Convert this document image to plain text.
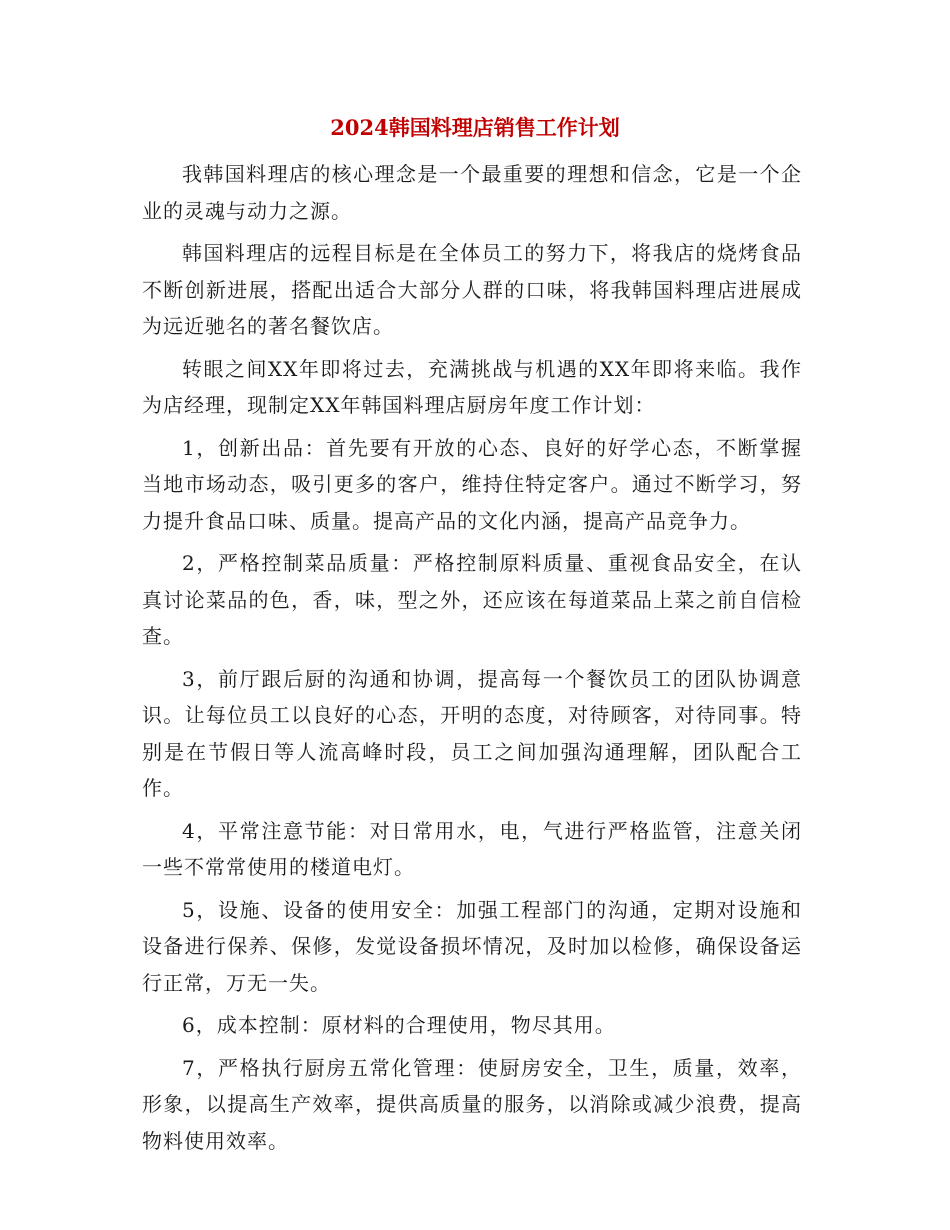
2024韩国料理店销售工作计划

我韩国料理店的核心理念是一个最重要的理想和信念，它是一个企业的灵魂与动力之源。

韩国料理店的远程目标是在全体员工的努力下，将我店的烧烤食品不断创新进展，搭配出适合大部分人群的口味，将我韩国料理店进展成为远近驰名的著名餐饮店。

转眼之间XX年即将过去，充满挑战与机遇的XX年即将来临。我作为店经理，现制定XX年韩国料理店厨房年度工作计划：

1，创新出品：首先要有开放的心态、良好的好学心态，不断掌握当地市场动态，吸引更多的客户，维持住特定客户。通过不断学习，努力提升食品口味、质量。提高产品的文化内涵，提高产品竞争力。

2，严格控制菜品质量：严格控制原料质量、重视食品安全，在认真讨论菜品的色，香，味，型之外，还应该在每道菜品上菜之前自信检查。

3，前厅跟后厨的沟通和协调，提高每一个餐饮员工的团队协调意识。让每位员工以良好的心态，开明的态度，对待顾客，对待同事。特别是在节假日等人流高峰时段，员工之间加强沟通理解，团队配合工作。

4，平常注意节能：对日常用水，电，气进行严格监管，注意关闭一些不常常使用的楼道电灯。

5，设施、设备的使用安全：加强工程部门的沟通，定期对设施和设备进行保养、保修，发觉设备损坏情况，及时加以检修，确保设备运行正常，万无一失。

6，成本控制：原材料的合理使用，物尽其用。

7，严格执行厨房五常化管理：使厨房安全，卫生，质量，效率，形象，以提高生产效率，提供高质量的服务，以消除或减少浪费，提高物料使用效率。
